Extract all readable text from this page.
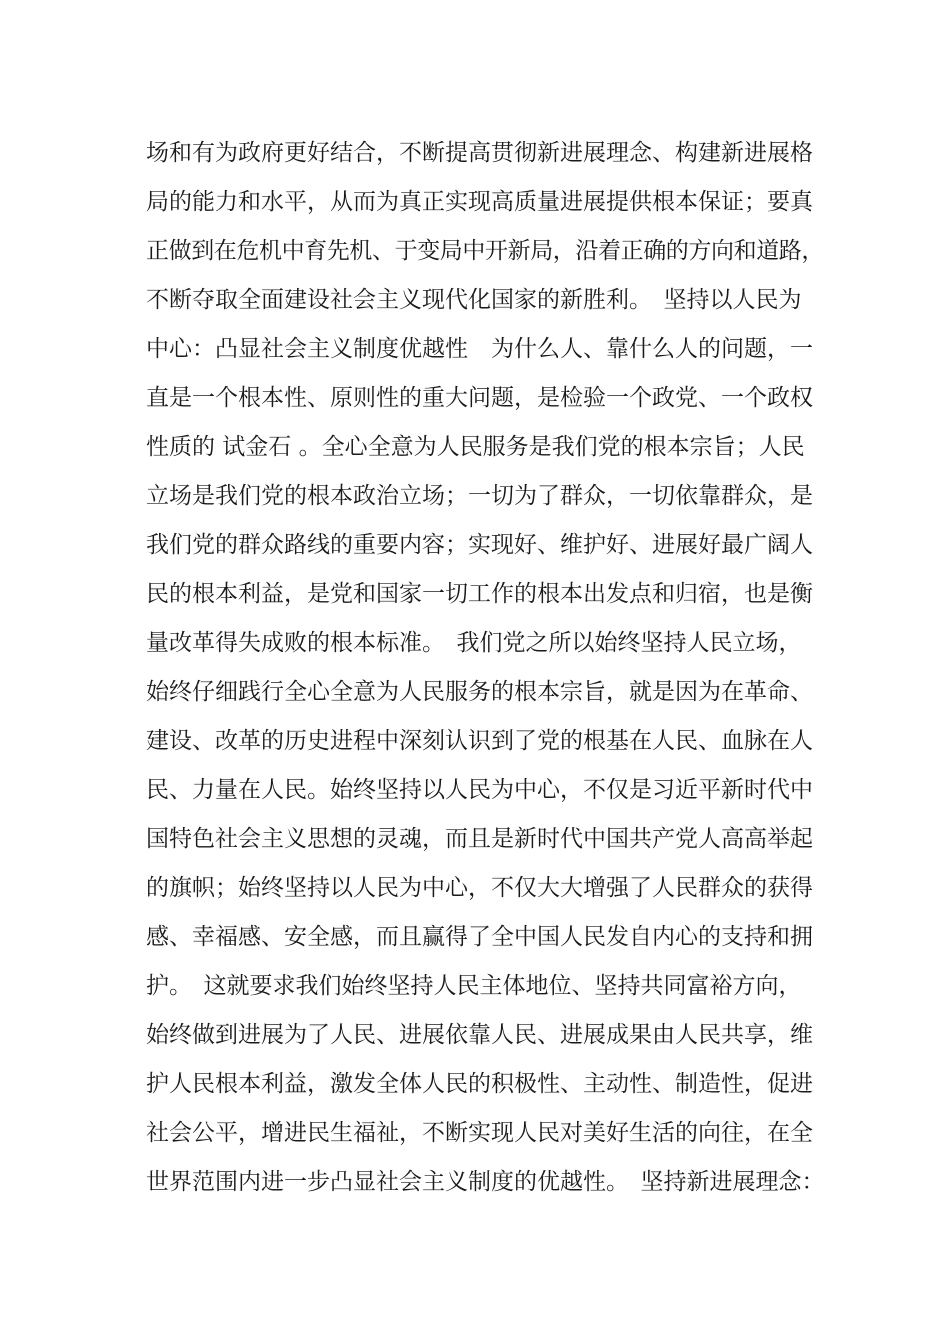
场和有为政府更好结合，不断提高贯彻新进展理念、构建新进展格
局的能力和水平，从而为真正实现高质量进展提供根本保证；要真
正做到在危机中育先机、于变局中开新局，沿着正确的方向和道路，
不断夺取全面建设社会主义现代化国家的新胜利。　坚持以人民为
中心：凸显社会主义制度优越性　为什么人、靠什么人的问题，一
直是一个根本性、原则性的重大问题，是检验一个政党、一个政权
性质的 试金石 。全心全意为人民服务是我们党的根本宗旨；人民
立场是我们党的根本政治立场；一切为了群众，一切依靠群众，是
我们党的群众路线的重要内容；实现好、维护好、进展好最广阔人
民的根本利益，是党和国家一切工作的根本出发点和归宿，也是衡
量改革得失成败的根本标准。　我们党之所以始终坚持人民立场，
始终仔细践行全心全意为人民服务的根本宗旨，就是因为在革命、
建设、改革的历史进程中深刻认识到了党的根基在人民、血脉在人
民、力量在人民。始终坚持以人民为中心，不仅是习近平新时代中
国特色社会主义思想的灵魂，而且是新时代中国共产党人高高举起
的旗帜；始终坚持以人民为中心，不仅大大增强了人民群众的获得
感、幸福感、安全感，而且赢得了全中国人民发自内心的支持和拥
护。　这就要求我们始终坚持人民主体地位、坚持共同富裕方向，
始终做到进展为了人民、进展依靠人民、进展成果由人民共享，维
护人民根本利益，激发全体人民的积极性、主动性、制造性，促进
社会公平，增进民生福祉，不断实现人民对美好生活的向往，在全
世界范围内进一步凸显社会主义制度的优越性。　坚持新进展理念：
